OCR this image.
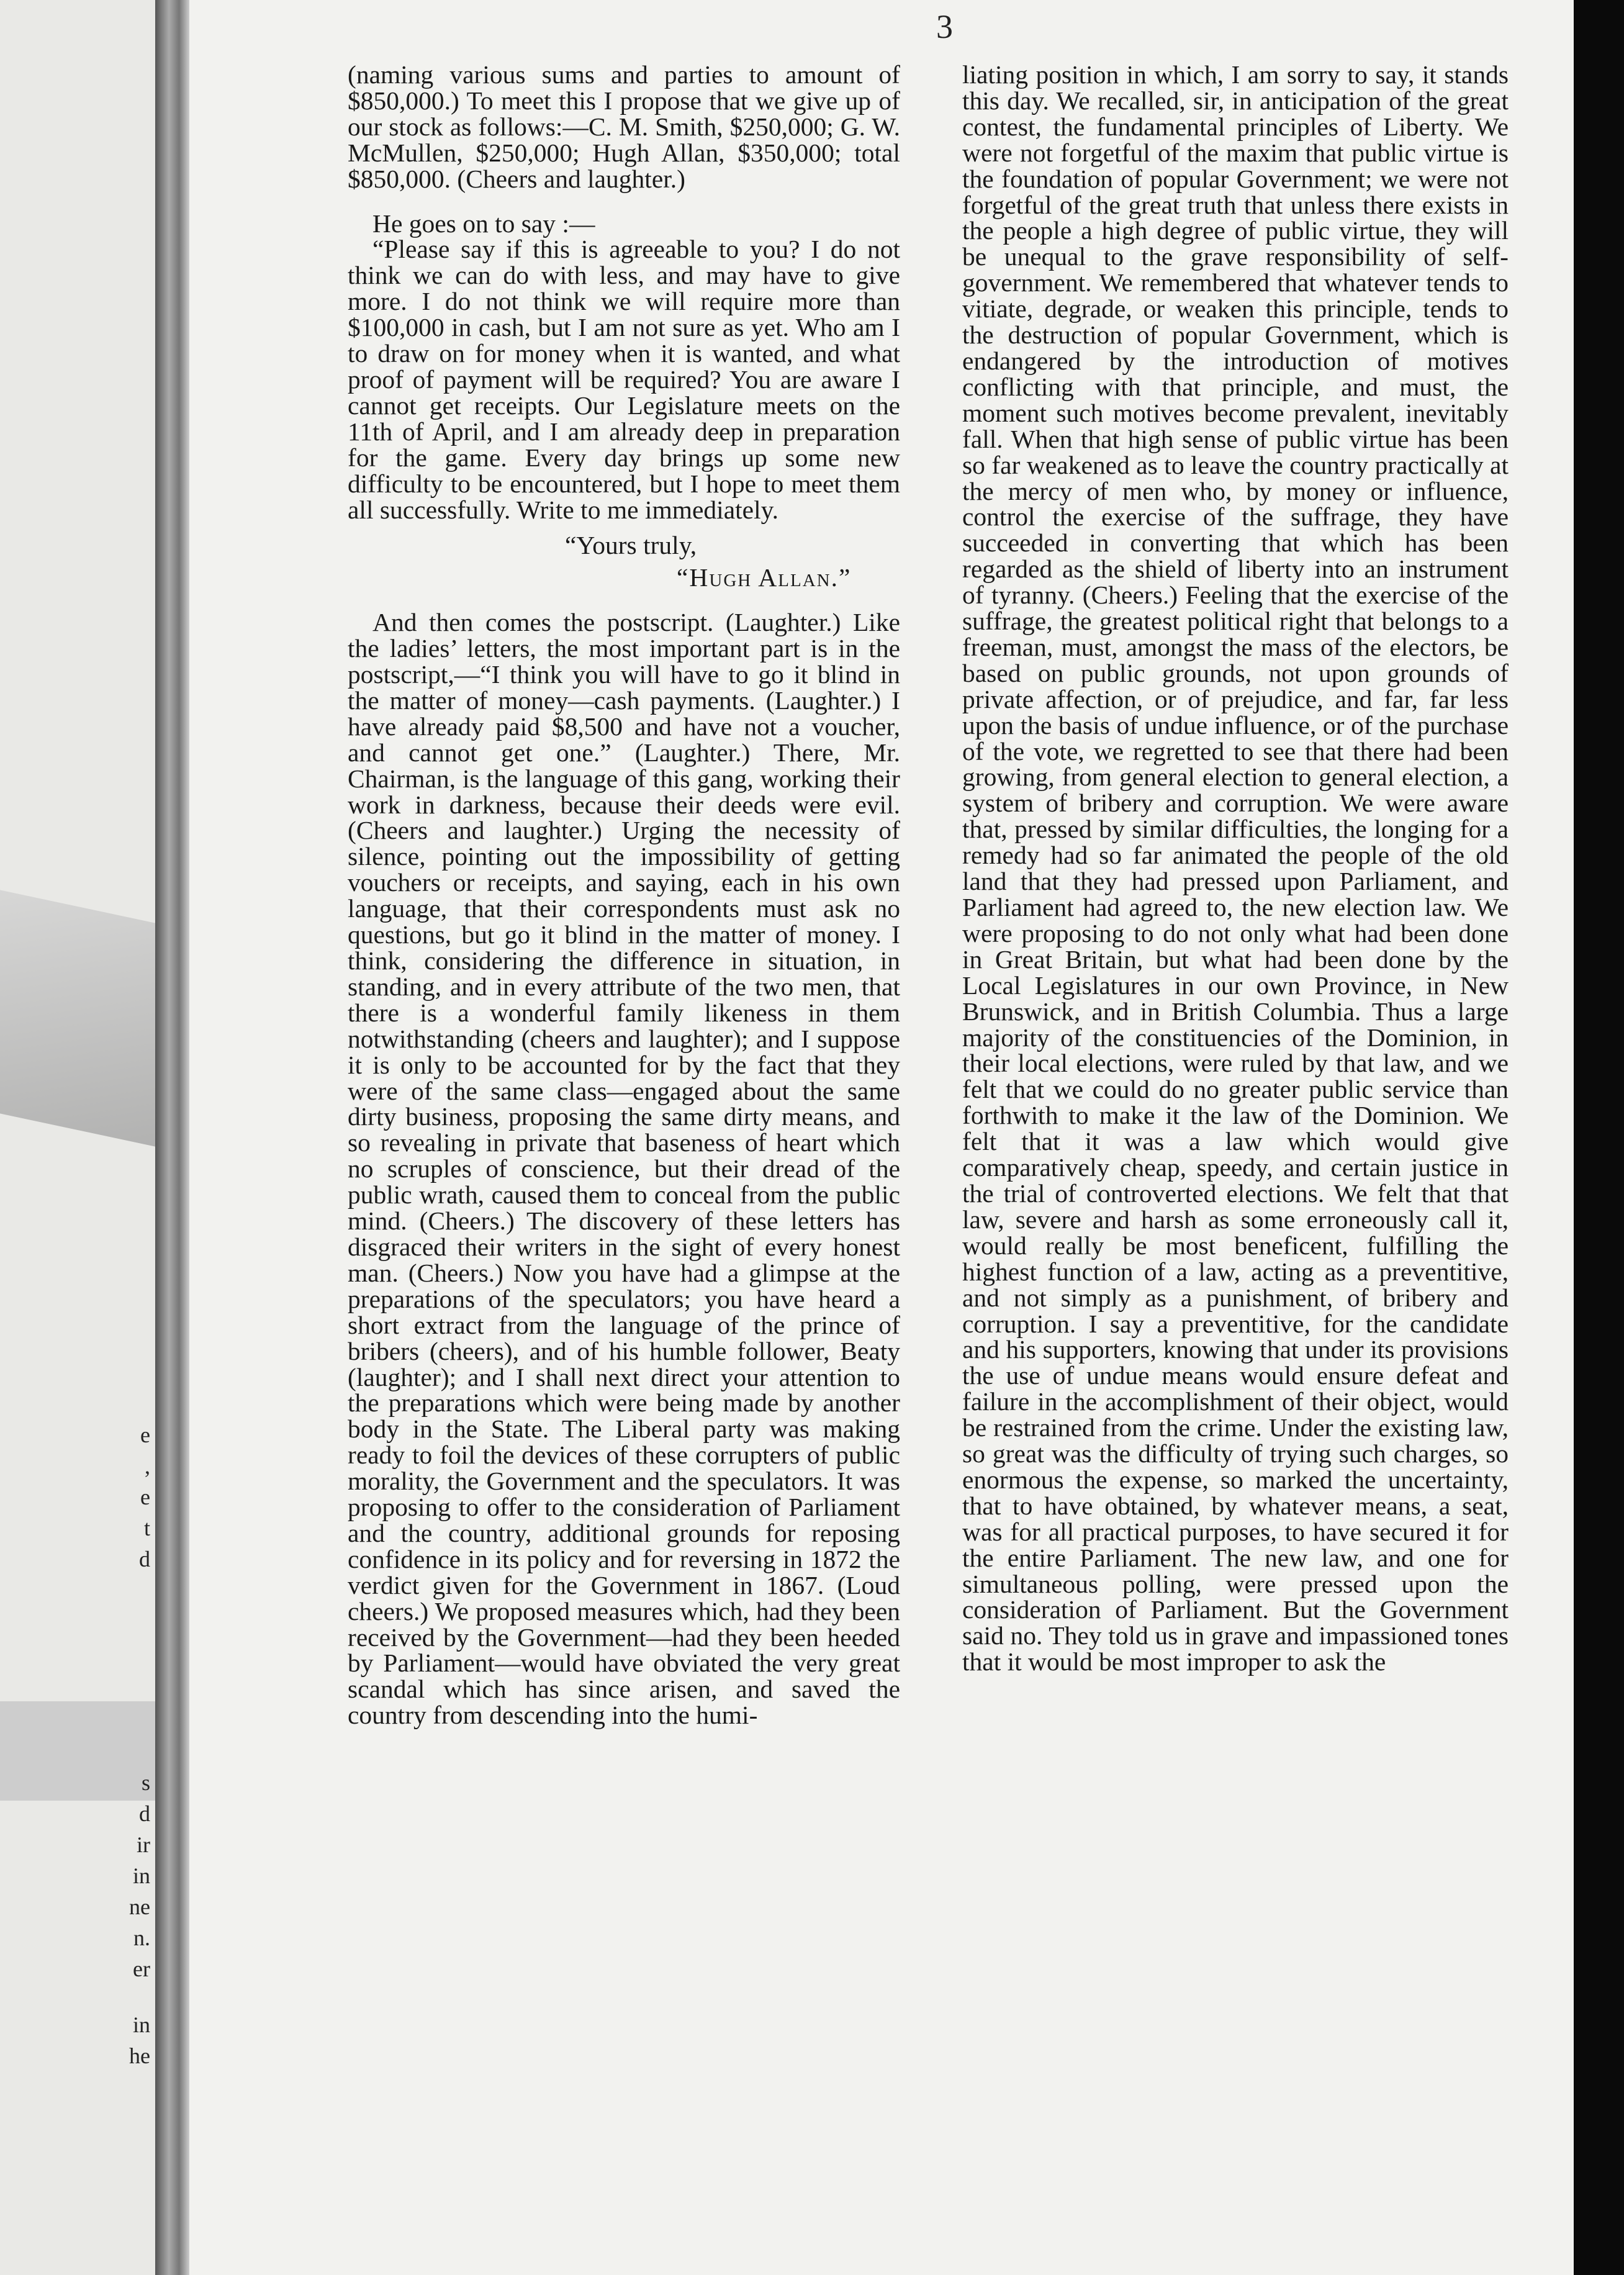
e
,
e
t
d
s
d
ir
in
ne
n.
er
in
he
3

(naming various sums and parties to amount of $850,000.) To meet this I propose that we give up of our stock as follows:—C. M. Smith, $250,000; G. W. McMullen, $250,000; Hugh Allan, $350,000; total $850,000. (Cheers and laughter.)

He goes on to say :—

“Please say if this is agreeable to you? I do not think we can do with less, and may have to give more. I do not think we will require more than $100,000 in cash, but I am not sure as yet. Who am I to draw on for money when it is wanted, and what proof of payment will be required? You are aware I cannot get receipts. Our Legislature meets on the 11th of April, and I am already deep in preparation for the game. Every day brings up some new difficulty to be encountered, but I hope to meet them all successfully. Write to me immediately.

“Yours truly,

“Hugh Allan.”

And then comes the postscript. (Laughter.) Like the ladies’ letters, the most important part is in the postscript,—“I think you will have to go it blind in the matter of money—cash payments. (Laughter.) I have already paid $8,500 and have not a voucher, and cannot get one.” (Laughter.) There, Mr. Chairman, is the language of this gang, working their work in darkness, because their deeds were evil. (Cheers and laughter.) Urging the necessity of silence, pointing out the impossibility of getting vouchers or receipts, and saying, each in his own language, that their correspondents must ask no questions, but go it blind in the matter of money. I think, considering the difference in situation, in standing, and in every attribute of the two men, that there is a wonderful family likeness in them notwithstanding (cheers and laughter); and I suppose it is only to be accounted for by the fact that they were of the same class—engaged about the same dirty business, proposing the same dirty means, and so revealing in private that baseness of heart which no scruples of conscience, but their dread of the public wrath, caused them to conceal from the public mind. (Cheers.) The discovery of these letters has disgraced their writers in the sight of every honest man. (Cheers.) Now you have had a glimpse at the preparations of the speculators; you have heard a short extract from the language of the prince of bribers (cheers), and of his humble follower, Beaty (laughter); and I shall next direct your attention to the preparations which were being made by another body in the State. The Liberal party was making ready to foil the devices of these corrupters of public morality, the Government and the speculators. It was proposing to offer to the consideration of Parliament and the country, additional grounds for reposing confidence in its policy and for reversing in 1872 the verdict given for the Government in 1867. (Loud cheers.) We proposed measures which, had they been received by the Government—had they been heeded by Parliament—would have obviated the very great scandal which has since arisen, and saved the country from descending into the humi-

liating position in which, I am sorry to say, it stands this day. We recalled, sir, in anticipation of the great contest, the fundamental principles of Liberty. We were not forgetful of the maxim that public virtue is the foundation of popular Government; we were not forgetful of the great truth that unless there exists in the people a high degree of public virtue, they will be unequal to the grave responsibility of self-government. We remembered that whatever tends to vitiate, degrade, or weaken this principle, tends to the destruction of popular Government, which is endangered by the introduction of motives conflicting with that principle, and must, the moment such motives become prevalent, inevitably fall. When that high sense of public virtue has been so far weakened as to leave the country practically at the mercy of men who, by money or influence, control the exercise of the suffrage, they have succeeded in converting that which has been regarded as the shield of liberty into an instrument of tyranny. (Cheers.) Feeling that the exercise of the suffrage, the greatest political right that belongs to a freeman, must, amongst the mass of the electors, be based on public grounds, not upon grounds of private affection, or of prejudice, and far, far less upon the basis of undue influence, or of the purchase of the vote, we regretted to see that there had been growing, from general election to general election, a system of bribery and corruption. We were aware that, pressed by similar difficulties, the longing for a remedy had so far animated the people of the old land that they had pressed upon Parliament, and Parliament had agreed to, the new election law. We were proposing to do not only what had been done in Great Britain, but what had been done by the Local Legislatures in our own Province, in New Brunswick, and in British Columbia. Thus a large majority of the constituencies of the Dominion, in their local elections, were ruled by that law, and we felt that we could do no greater public service than forthwith to make it the law of the Dominion. We felt that it was a law which would give comparatively cheap, speedy, and certain justice in the trial of controverted elections. We felt that that law, severe and harsh as some erroneously call it, would really be most beneficent, fulfilling the highest function of a law, acting as a preventitive, and not simply as a punishment, of bribery and corruption. I say a preventitive, for the candidate and his supporters, knowing that under its provisions the use of undue means would ensure defeat and failure in the accomplishment of their object, would be restrained from the crime. Under the existing law, so great was the difficulty of trying such charges, so enormous the expense, so marked the uncertainty, that to have obtained, by whatever means, a seat, was for all practical purposes, to have secured it for the entire Parliament. The new law, and one for simultaneous polling, were pressed upon the consideration of Parliament. But the Government said no. They told us in grave and impassioned tones that it would be most improper to ask the
